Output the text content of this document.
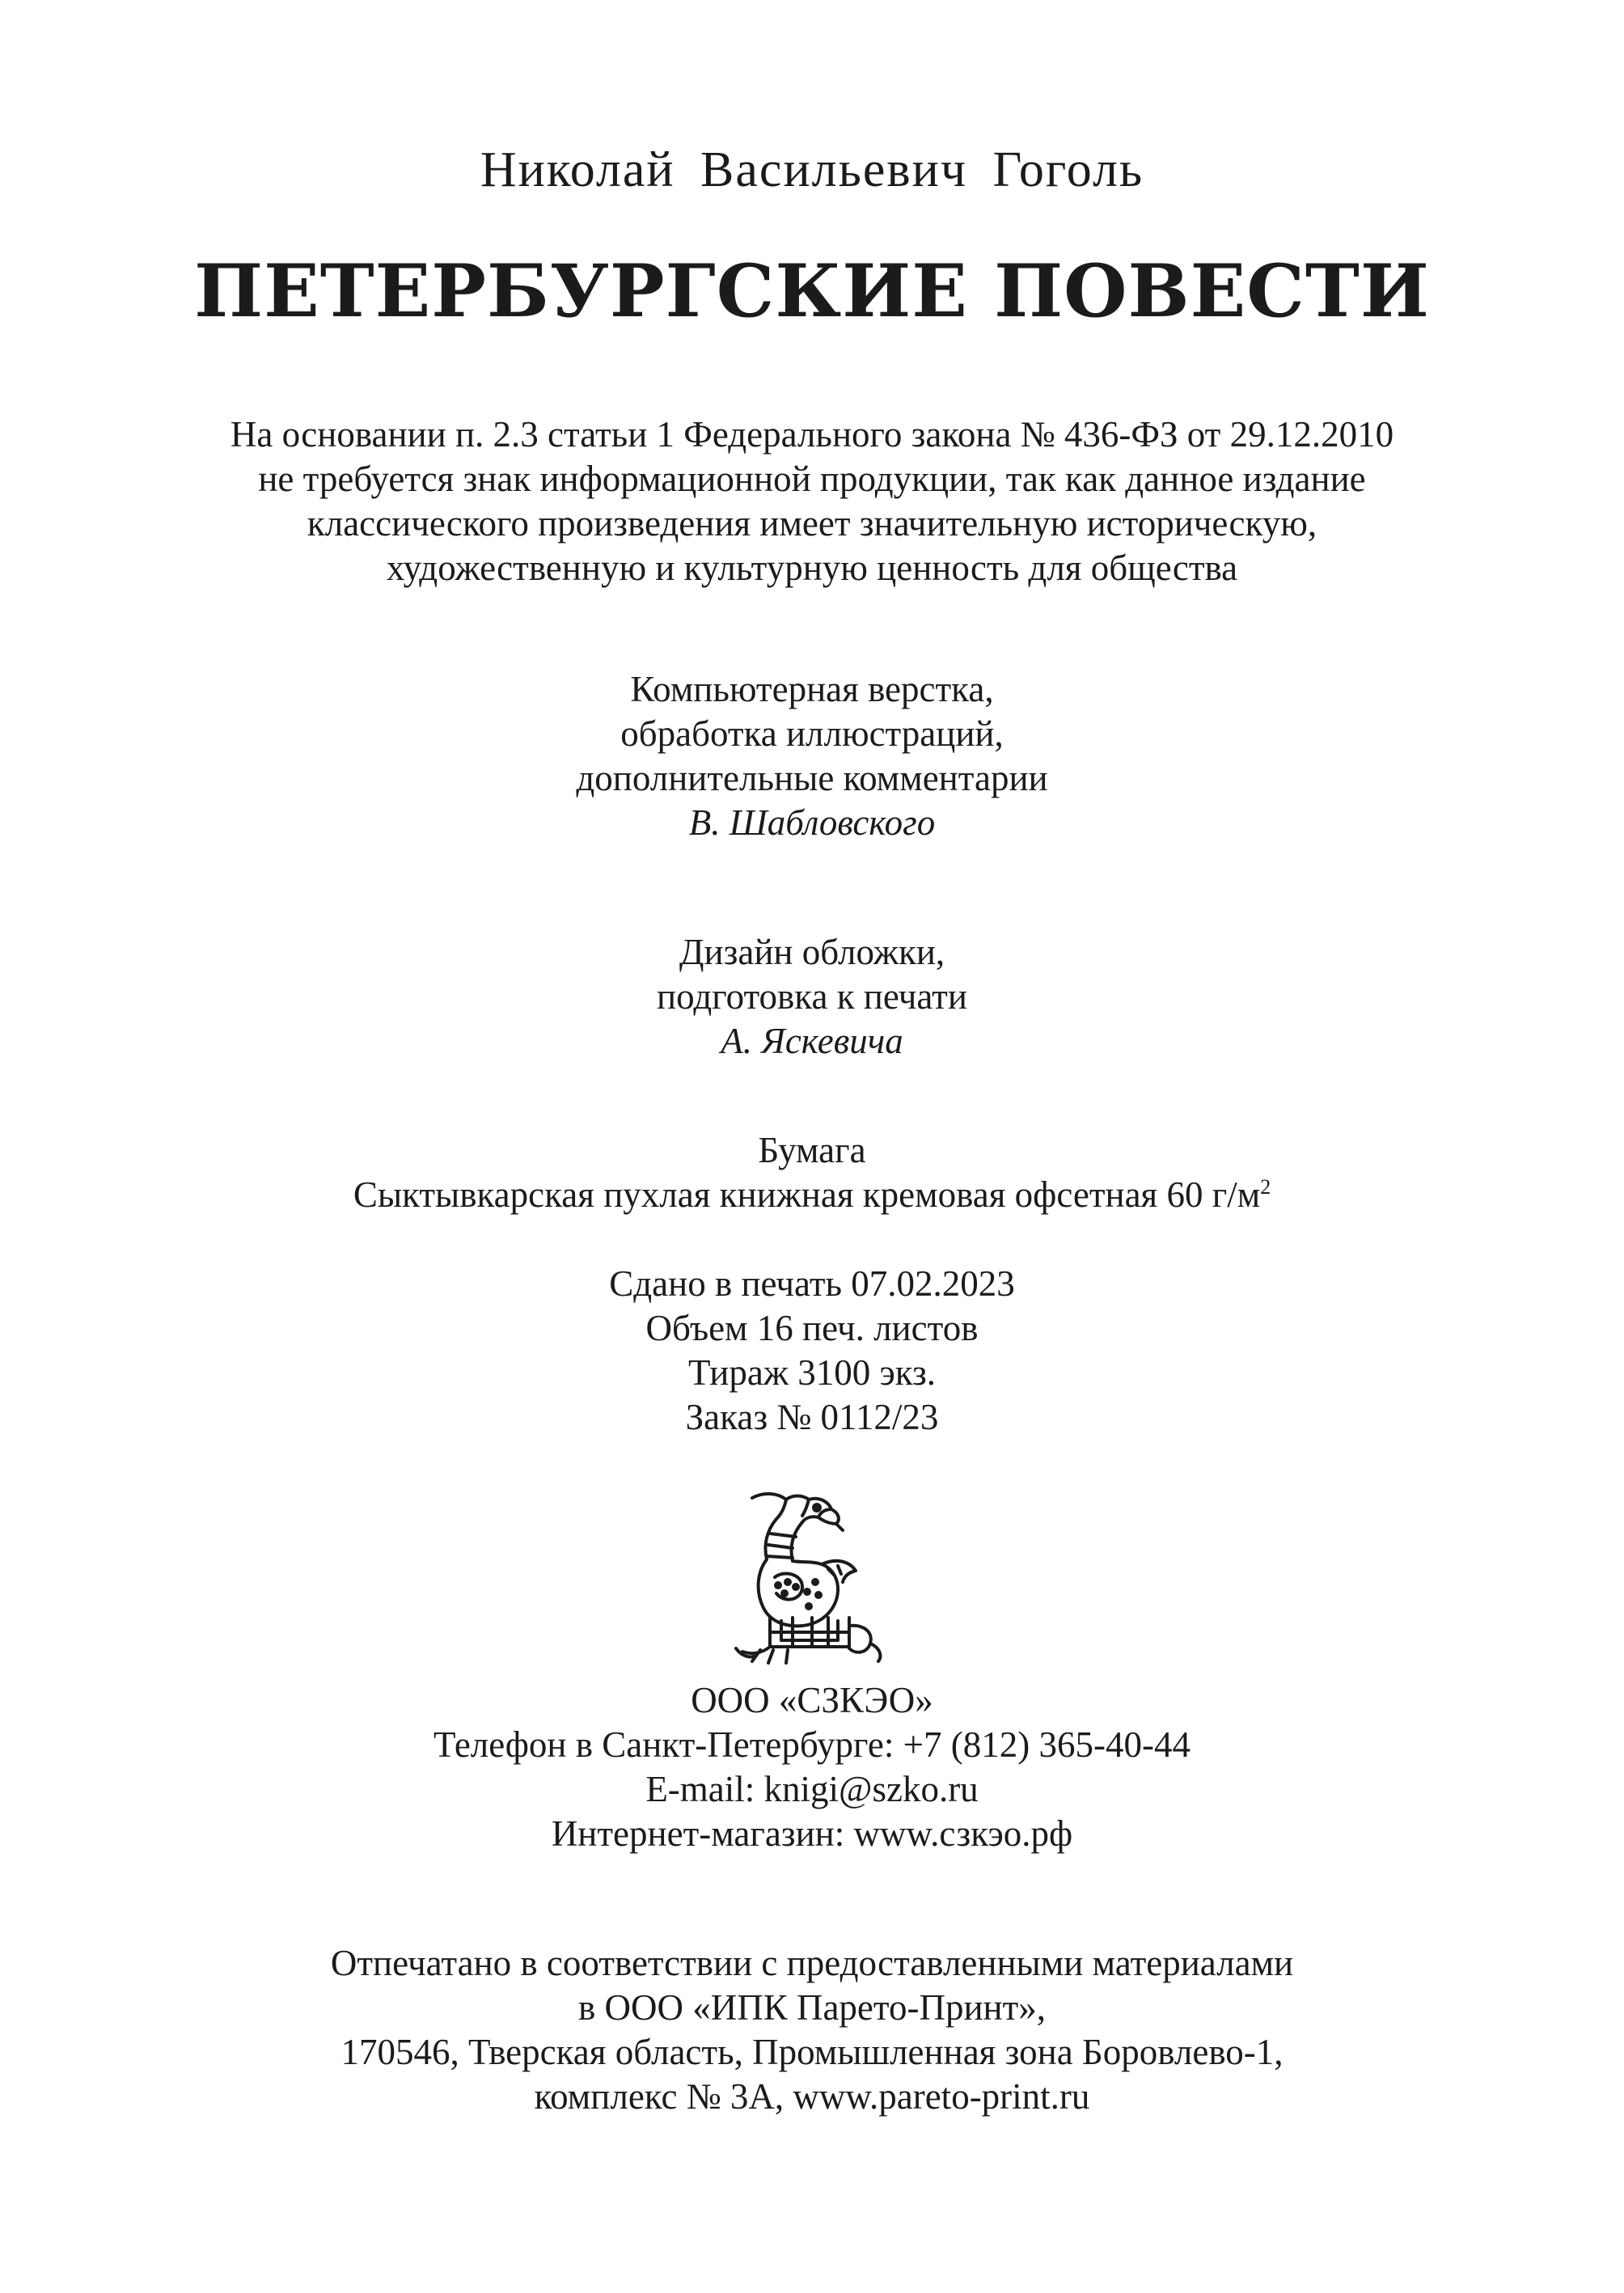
Николай Васильевич Гоголь
ПЕТЕРБУРГСКИЕ ПОВЕСТИ
На основании п. 2.3 статьи 1 Федерального закона № 436-ФЗ от 29.12.2010
не требуется знак информационной продукции, так как данное издание
классического произведения имеет значительную историческую,
художественную и культурную ценность для общества
Компьютерная верстка,
обработка иллюстраций,
дополнительные комментарии
В. Шабловского
Дизайн обложки,
подготовка к печати
А. Яскевича
Бумага
Сыктывкарская пухлая книжная кремовая офсетная 60 $г/м^2$
Сдано в печать 07.02.2023
Объем 16 печ. листов
Тираж 3100 экз.
Заказ № 0112/23
ООО «СЗКЭО»
Телефон в Санкт-Петербурге: +7 (812) 365-40-44
E-mail: knigi@szko.ru
Интернет-магазин: www.сзкэо.рф
Отпечатано в соответствии с предоставленными материалами
в ООО «ИПК Парето-Принт»,
170546, Тверская область, Промышленная зона Боровлево-1,
комплекс № 3А, www.pareto-print.ru
